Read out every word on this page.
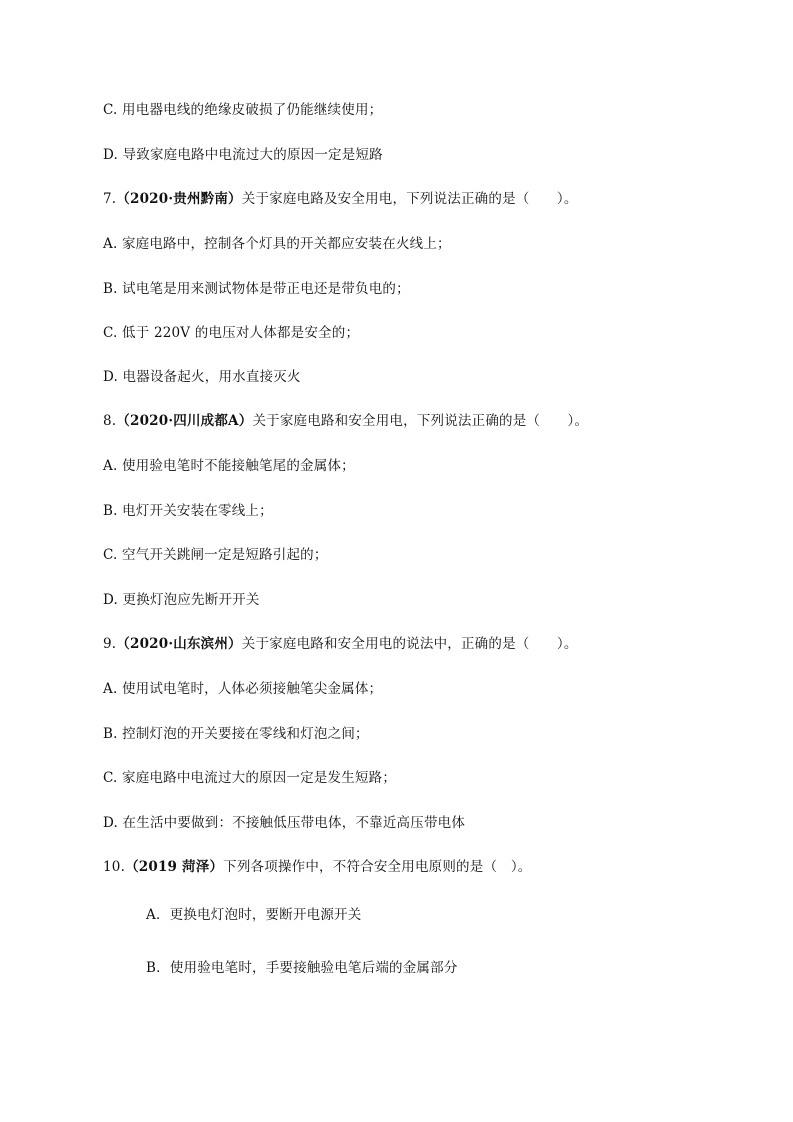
C. 用电器电线的绝缘皮破损了仍能继续使用；
D. 导致家庭电路中电流过大的原因一定是短路
7.（2020·贵州黔南）关于家庭电路及安全用电，下列说法正确的是（　　）。
A. 家庭电路中，控制各个灯具的开关都应安装在火线上；
B. 试电笔是用来测试物体是带正电还是带负电的；
C. 低于 220V 的电压对人体都是安全的；
D. 电器设备起火，用水直接灭火
8.（2020·四川成都A）关于家庭电路和安全用电，下列说法正确的是（　　）。
A. 使用验电笔时不能接触笔尾的金属体；
B. 电灯开关安装在零线上；
C. 空气开关跳闸一定是短路引起的；
D. 更换灯泡应先断开开关
9.（2020·山东滨州）关于家庭电路和安全用电的说法中，正确的是（　　）。
A. 使用试电笔时，人体必须接触笔尖金属体；
B. 控制灯泡的开关要接在零线和灯泡之间；
C. 家庭电路中电流过大的原因一定是发生短路；
D. 在生活中要做到：不接触低压带电体，不靠近高压带电体
10.（2019 菏泽）下列各项操作中，不符合安全用电原则的是（　）。
A．更换电灯泡时，要断开电源开关
B．使用验电笔时，手要接触验电笔后端的金属部分
